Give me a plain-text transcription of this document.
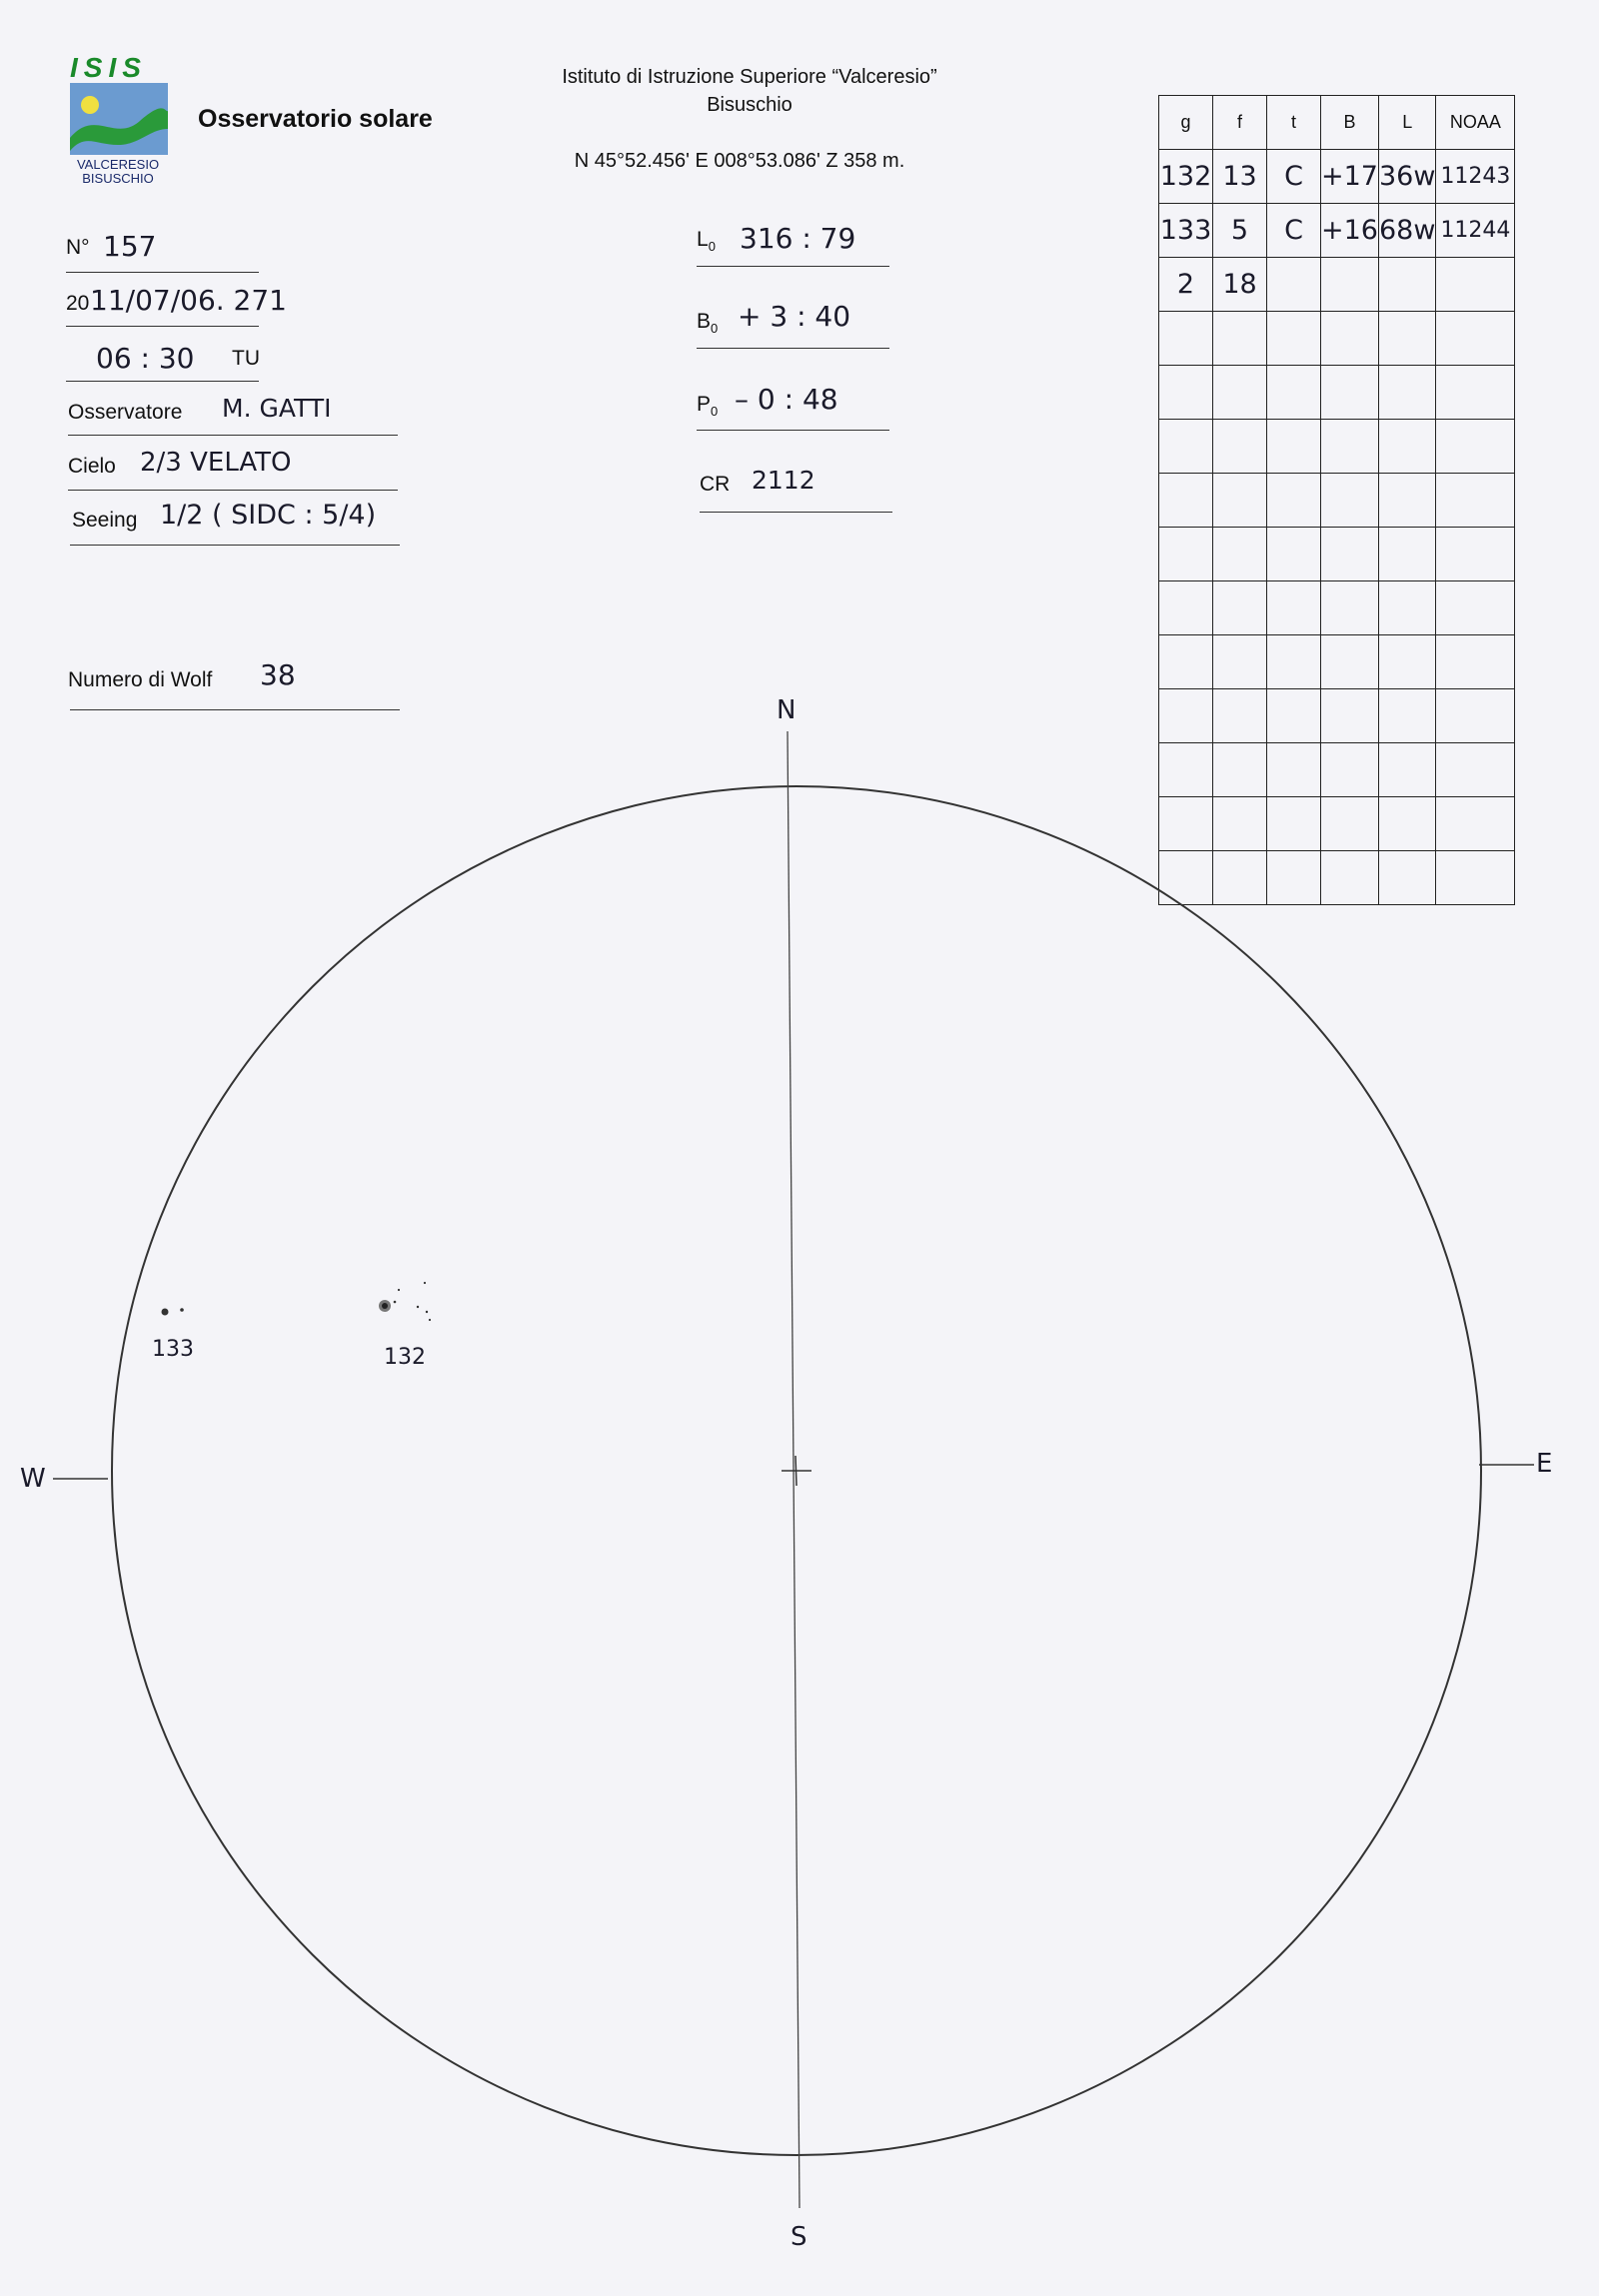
ISIS
VALCERESIO
BISUSCHIO
Osservatorio solare
Istituto di Istruzione Superiore “Valceresio”
Bisuschio
N 45°52.456' E 008°53.086' Z 358 m.
N° 157
20 11/07/06. 271
06 : 30 TU
Osservatore M. GATTI
Cielo 2/3 VELATO
Seeing 1/2 ( SIDC : 5/4)
Numero di Wolf 38
$L_0$ 316 : 79
$B_0 + 3$ : 40
$P_0 - 0$ : 48
CR 2112
g	f	t	B	L	NOAA
132	13	C	+17	36w	11243
133	5	C	+16	68w	11244
2	18				

N
S
E
W
133	132
